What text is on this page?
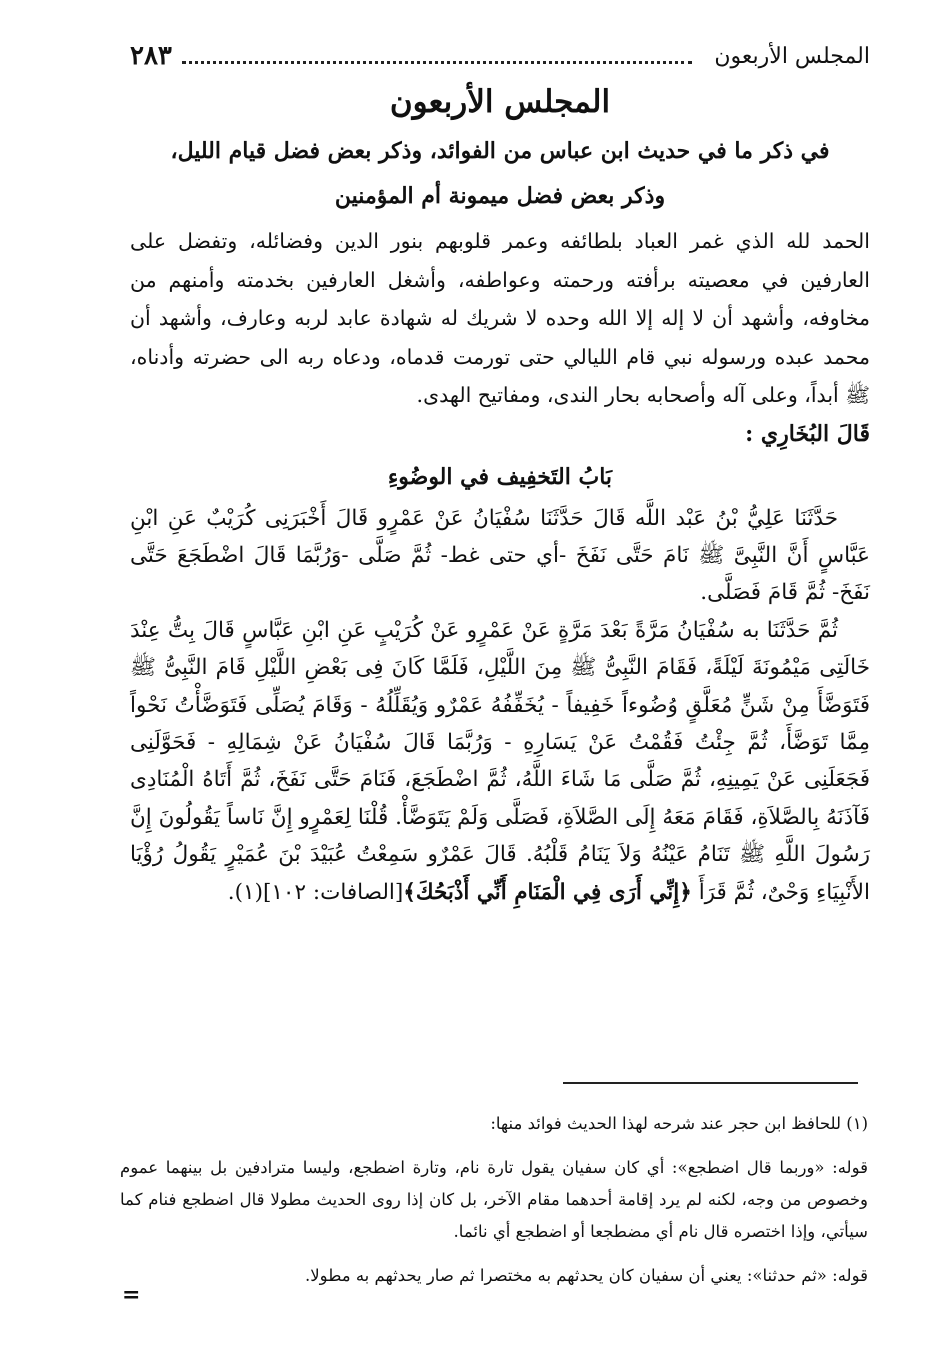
المجلس الأربعون
٢٨٣
المجلس الأربعون
في ذكر ما في حديث ابن عباس من الفوائد، وذكر بعض فضل قيام الليل،
وذكر بعض فضل ميمونة أم المؤمنين

الحمد لله الذي غمر العباد بلطائفه وعمر قلوبهم بنور الدين وفضائله، وتفضل على العارفين في معصيته برأفته ورحمته وعواطفه، وأشغل العارفين بخدمته وأمنهم من مخاوفه، وأشهد أن لا إله إلا الله وحده لا شريك له شهادة عابد لربه وعارف، وأشهد أن محمد عبده ورسوله نبي قام الليالي حتى تورمت قدماه، ودعاه ربه الى حضرته وأدناه، ﷺ أبداً، وعلى آله وأصحابه بحار الندى، ومفاتيح الهدى.

قَالَ البُخَارِي :

بَابُ التَخفِيف في الوضُوءِ

حَدَّثَنَا عَلِيُّ بْنُ عَبْد اللَّه قَالَ حَدَّثَنَا سُفْيَانُ عَنْ عَمْرٍو قَالَ أَخْبَرَنِى كُرَيْبٌ عَنِ ابْنِ عَبَّاسٍ أَنَّ النَّبِىَّ ﷺ نَامَ حَتَّى نَفَخَ -أي حتى غط- ثُمَّ صَلَّى -وَرُبَّمَا قَالَ اضْطَجَعَ حَتَّى نَفَخَ- ثُمَّ قَامَ فَصَلَّى.

ثُمَّ حَدَّثَنَا به سُفْيَانُ مَرَّةً بَعْدَ مَرَّةٍ عَنْ عَمْرٍو عَنْ كُرَيْبٍ عَنِ ابْنِ عَبَّاسٍ قَالَ بِتُّ عِنْدَ خَالَتِى مَيْمُونَةَ لَيْلَةً، فَقَامَ النَّبِىُّ ﷺ مِنَ اللَّيْلِ، فَلَمَّا كَانَ فِى بَعْضِ اللَّيْلِ قَامَ النَّبِىُّ ﷺ فَتَوَضَّأَ مِنْ شَنٍّ مُعَلَّقٍ وُضُوءاً خَفِيفاً - يُخَفِّفُهُ عَمْرٌو وَيُقَلِّلُهُ - وَقَامَ يُصَلِّى فَتَوَضَّأْتُ نَحْواً مِمَّا تَوَضَّأَ، ثُمَّ جِئْتُ فَقُمْتُ عَنْ يَسَارِهِ - وَرُبَّمَا قَالَ سُفْيَانُ عَنْ شِمَالِهِ - فَحَوَّلَنِى فَجَعَلَنِى عَنْ يَمِينِهِ، ثُمَّ صَلَّى مَا شَاءَ اللَّهُ، ثُمَّ اضْطَجَعَ، فَنَامَ حَتَّى نَفَخَ، ثُمَّ أَتَاهُ الْمُنَادِى فَآذَنَهُ بِالصَّلاَةِ، فَقَامَ مَعَهُ إِلَى الصَّلاَةِ، فَصَلَّى وَلَمْ يَتَوَضَّأْ. قُلْنَا لِعَمْرٍو إِنَّ نَاساً يَقُولُونَ إِنَّ رَسُولَ اللَّهِ ﷺ تَنَامُ عَيْنُهُ وَلاَ يَنَامُ قَلْبُهُ. قَالَ عَمْرٌو سَمِعْتُ عُبَيْدَ بْنَ عُمَيْرٍ يَقُولُ رُؤْيَا الأَنْبِيَاءِ وَحْىٌ، ثُمَّ قَرَأَ ﴿إِنِّي أَرَى فِي الْمَنَامِ أَنِّي أَذْبَحُكَ﴾[الصافات: ١٠٢](١).

(١) للحافظ ابن حجر عند شرحه لهذا الحديث فوائد منها:

قوله: «وربما قال اضطجع»: أي كان سفيان يقول تارة نام، وتارة اضطجع، وليسا مترادفين بل بينهما عموم وخصوص من وجه، لكنه لم يرد إقامة أحدهما مقام الآخر، بل كان إذا روى الحديث مطولا قال اضطجع فنام كما سيأتي، وإذا اختصره قال نام أي مضطجعا أو اضطجع أي نائما.

قوله: «ثم حدثنا»: يعني أن سفيان كان يحدثهم به مختصرا ثم صار يحدثهم به مطولا.

=
